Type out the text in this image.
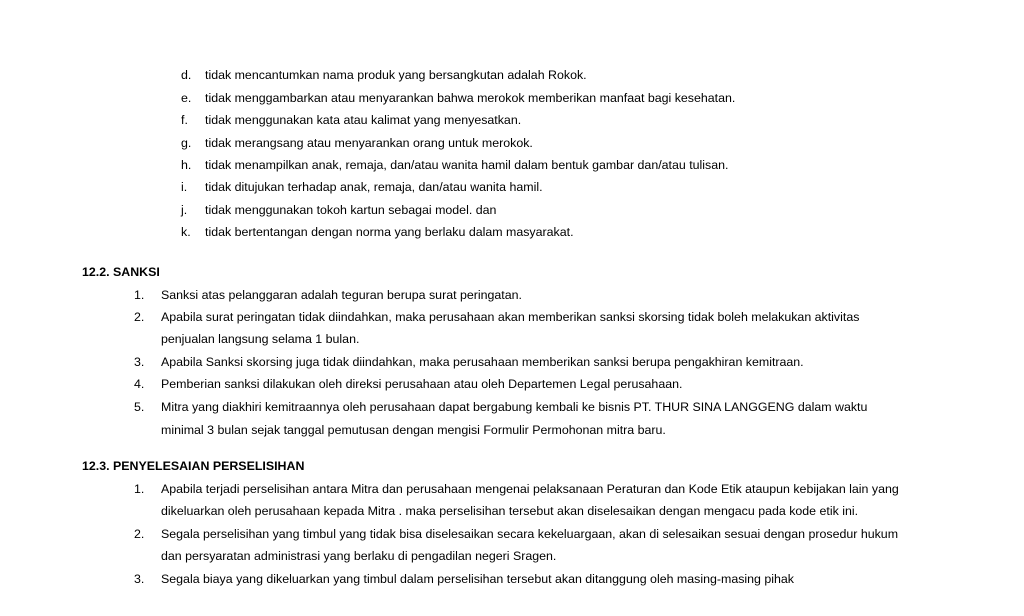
d. tidak mencantumkan nama produk yang bersangkutan adalah Rokok.
e. tidak menggambarkan atau menyarankan bahwa merokok memberikan manfaat bagi kesehatan.
f. tidak menggunakan kata atau kalimat yang menyesatkan.
g. tidak merangsang atau menyarankan orang untuk merokok.
h. tidak menampilkan anak, remaja, dan/atau wanita hamil dalam bentuk gambar dan/atau tulisan.
i. tidak ditujukan terhadap anak, remaja, dan/atau wanita hamil.
j. tidak menggunakan tokoh kartun sebagai model. dan
k. tidak bertentangan dengan norma yang berlaku dalam masyarakat.
12.2. SANKSI
1. Sanksi atas pelanggaran adalah teguran berupa surat peringatan.
2. Apabila surat peringatan tidak diindahkan, maka perusahaan akan memberikan sanksi skorsing tidak boleh melakukan aktivitas
penjualan langsung selama 1 bulan.
3. Apabila Sanksi skorsing juga tidak diindahkan, maka perusahaan memberikan sanksi berupa pengakhiran kemitraan.
4. Pemberian sanksi dilakukan oleh direksi perusahaan atau oleh Departemen Legal perusahaan.
5. Mitra yang diakhiri kemitraannya oleh perusahaan dapat bergabung kembali ke bisnis PT. THUR SINA LANGGENG dalam waktu
minimal 3 bulan sejak tanggal pemutusan dengan mengisi Formulir Permohonan mitra baru.
12.3. PENYELESAIAN PERSELISIHAN
1. Apabila terjadi perselisihan antara Mitra dan perusahaan mengenai pelaksanaan Peraturan dan Kode Etik ataupun kebijakan lain yang
dikeluarkan oleh perusahaan kepada Mitra . maka perselisihan tersebut akan diselesaikan dengan mengacu pada kode etik ini.
2. Segala perselisihan yang timbul yang tidak bisa diselesaikan secara kekeluargaan, akan di selesaikan sesuai dengan prosedur hukum
dan persyaratan administrasi yang berlaku di pengadilan negeri Sragen.
3. Segala biaya yang dikeluarkan yang timbul dalam perselisihan tersebut akan ditanggung oleh masing-masing pihak
